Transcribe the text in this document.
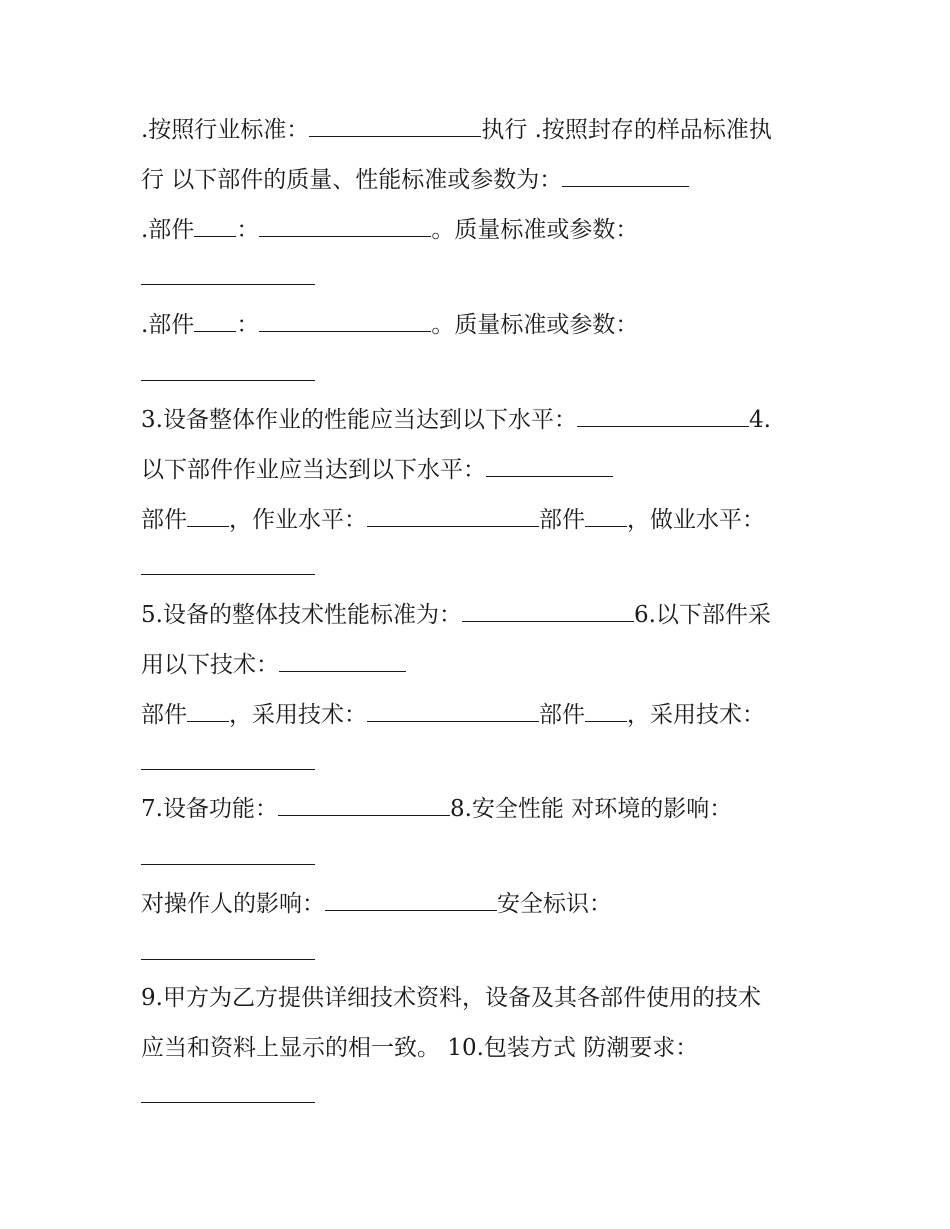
.按照行业标准：	执行 .按照封存的样品标准执
行 以下部件的质量、性能标准或参数为：
.部件 ：	。质量标准或参数：
.部件 ：	。质量标准或参数：
3.设备整体作业的性能应当达到以下水平：	4.
以下部件作业应当达到以下水平：
部件 ，作业水平：	部件 ，做业水平：
5.设备的整体技术性能标准为：	6.以下部件采
用以下技术：
部件 ，采用技术：	部件 ，采用技术：
7.设备功能：	8.安全性能 对环境的影响：
对操作人的影响：	安全标识：
9.甲方为乙方提供详细技术资料，设备及其各部件使用的技术
应当和资料上显示的相一致。 10.包装方式 防潮要求：
